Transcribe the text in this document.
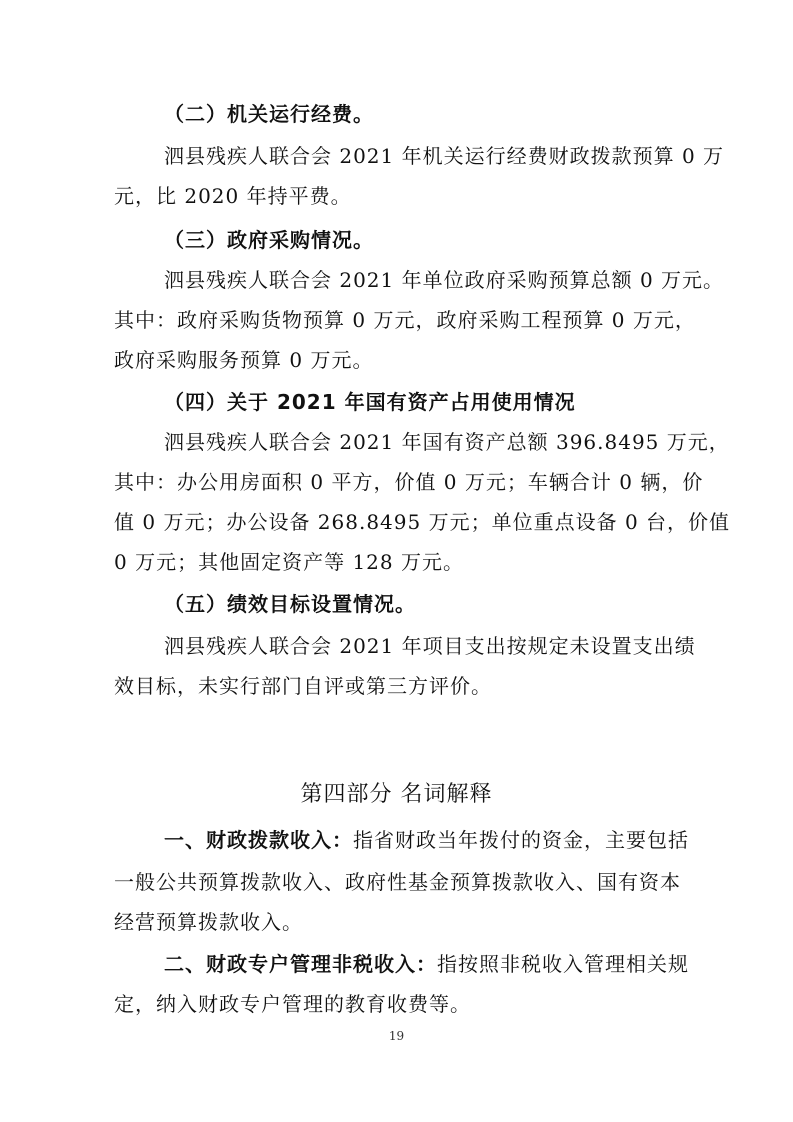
（二）机关运行经费。
泗县残疾人联合会 2021 年机关运行经费财政拨款预算 0 万
元，比 2020 年持平费。
（三）政府采购情况。
泗县残疾人联合会 2021 年单位政府采购预算总额 0 万元。
其中：政府采购货物预算 0 万元，政府采购工程预算 0 万元，
政府采购服务预算 0 万元。
（四）关于 2021 年国有资产占用使用情况
泗县残疾人联合会 2021 年国有资产总额 396.8495 万元，
其中：办公用房面积 0 平方，价值 0 万元；车辆合计 0 辆，价
值 0 万元；办公设备 268.8495 万元；单位重点设备 0 台，价值
0 万元；其他固定资产等 128 万元。
（五）绩效目标设置情况。
泗县残疾人联合会 2021 年项目支出按规定未设置支出绩
效目标，未实行部门自评或第三方评价。
第四部分 名词解释
一、财政拨款收入：指省财政当年拨付的资金，主要包括
一般公共预算拨款收入、政府性基金预算拨款收入、国有资本
经营预算拨款收入。
二、财政专户管理非税收入：指按照非税收入管理相关规
定，纳入财政专户管理的教育收费等。
19
